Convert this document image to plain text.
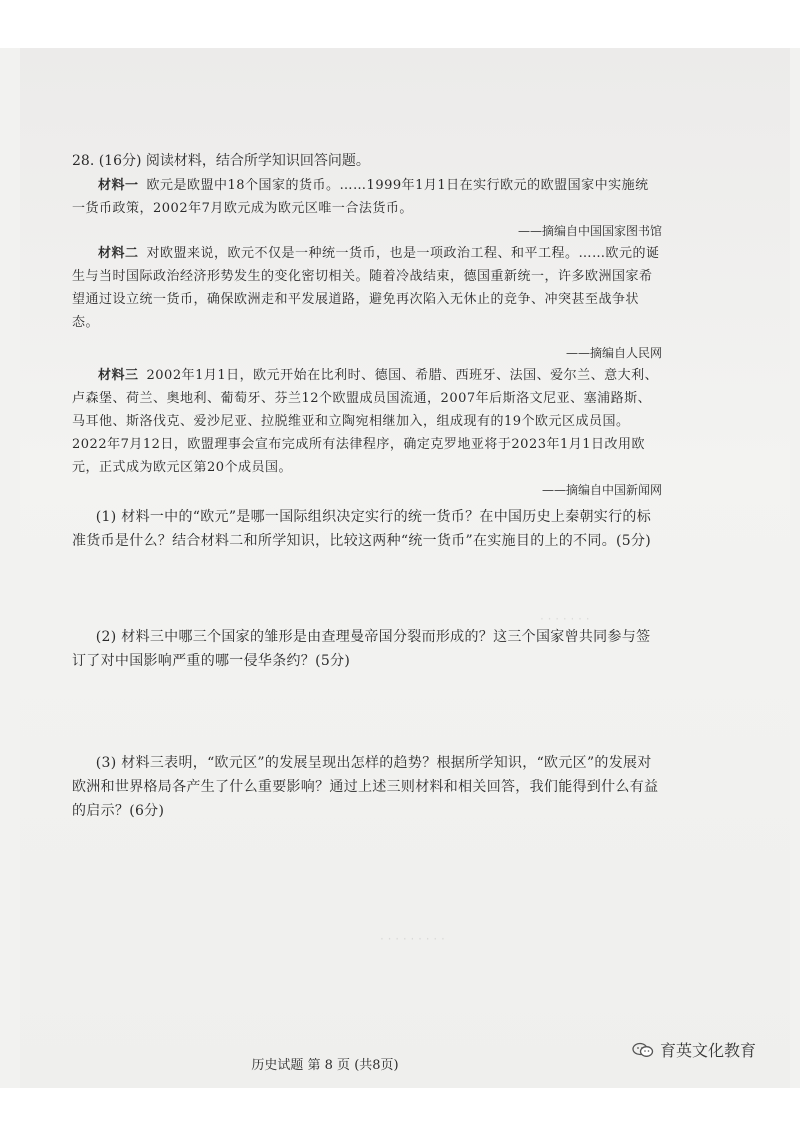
· · · · · · ·
· · · · · · · · ·
历史试题 第 8 页 (共8页)

28. (16分) 阅读材料，结合所学知识回答问题。

材料一 欧元是欧盟中18个国家的货币。……1999年1月1日在实行欧元的欧盟国家中实施统一货币政策，2002年7月欧元成为欧元区唯一合法货币。

——摘编自中国国家图书馆

材料二 对欧盟来说，欧元不仅是一种统一货币，也是一项政治工程、和平工程。……欧元的诞生与当时国际政治经济形势发生的变化密切相关。随着冷战结束，德国重新统一，许多欧洲国家希望通过设立统一货币，确保欧洲走和平发展道路，避免再次陷入无休止的竞争、冲突甚至战争状态。

——摘编自人民网

材料三 2002年1月1日，欧元开始在比利时、德国、希腊、西班牙、法国、爱尔兰、意大利、卢森堡、荷兰、奥地利、葡萄牙、芬兰12个欧盟成员国流通，2007年后斯洛文尼亚、塞浦路斯、马耳他、斯洛伐克、爱沙尼亚、拉脱维亚和立陶宛相继加入，组成现有的19个欧元区成员国。2022年7月12日，欧盟理事会宣布完成所有法律程序，确定克罗地亚将于2023年1月1日改用欧元，正式成为欧元区第20个成员国。

——摘编自中国新闻网

(1) 材料一中的“欧元”是哪一国际组织决定实行的统一货币？在中国历史上秦朝实行的标准货币是什么？结合材料二和所学知识，比较这两种“统一货币”在实施目的上的不同。(5分)

(2) 材料三中哪三个国家的雏形是由查理曼帝国分裂而形成的？这三个国家曾共同参与签订了对中国影响严重的哪一侵华条约？(5分)

(3) 材料三表明，“欧元区”的发展呈现出怎样的趋势？根据所学知识，“欧元区”的发展对欧洲和世界格局各产生了什么重要影响？通过上述三则材料和相关回答，我们能得到什么有益的启示？(6分)

育英文化教育
